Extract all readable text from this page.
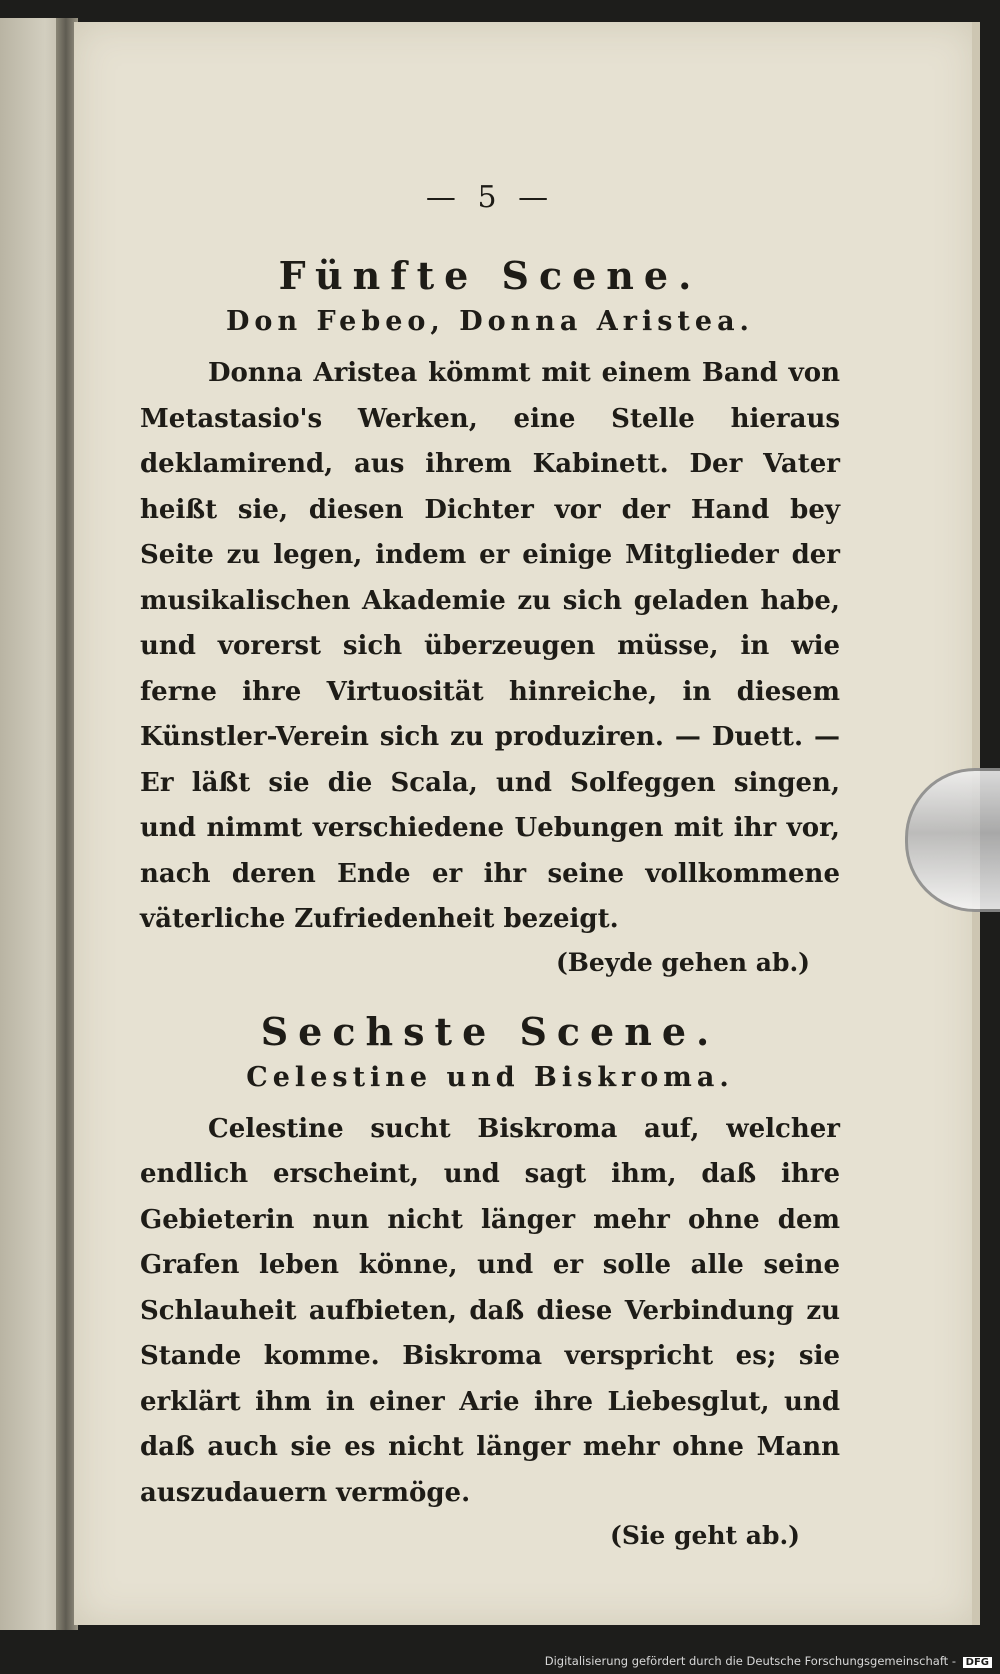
— 5 —
Fünfte Scene.
Don Febeo, Donna Aristea.

Donna Aristea kömmt mit einem Band von Metastasio's Werken, eine Stelle hieraus deklamirend, aus ihrem Kabinett. Der Vater heißt sie, diesen Dichter vor der Hand bey Seite zu legen, indem er einige Mitglieder der musikalischen Akademie zu sich geladen habe, und vorerst sich überzeugen müsse, in wie ferne ihre Virtuosität hinreiche, in diesem Künstler-Verein sich zu produziren. — Duett. — Er läßt sie die Scala, und Solfeggen singen, und nimmt verschiedene Uebungen mit ihr vor, nach deren Ende er ihr seine vollkommene väterliche Zufriedenheit bezeigt.

(Beyde gehen ab.)
Sechste Scene.
Celestine und Biskroma.

Celestine sucht Biskroma auf, welcher endlich erscheint, und sagt ihm, daß ihre Gebieterin nun nicht länger mehr ohne dem Grafen leben könne, und er solle alle seine Schlauheit aufbieten, daß diese Verbindung zu Stande komme. Biskroma verspricht es; sie erklärt ihm in einer Arie ihre Liebesglut, und daß auch sie es nicht länger mehr ohne Mann auszudauern vermöge.

(Sie geht ab.)
Digitalisierung gefördert durch die Deutsche Forschungsgemeinschaft - DFG
